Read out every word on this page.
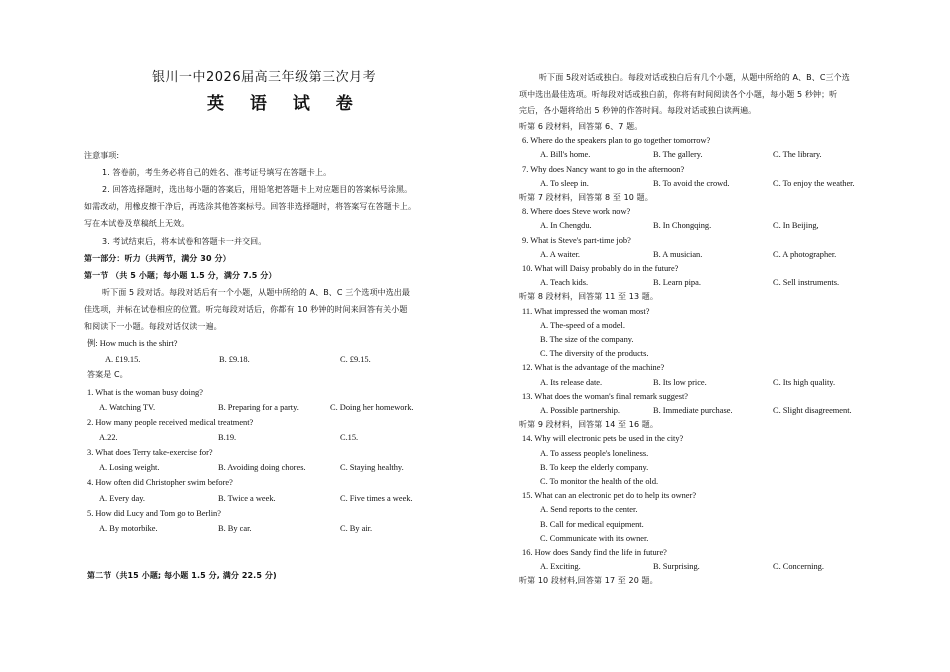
银川一中2026届高三年级第三次月考
英 语 试 卷
注意事项:
1. 答卷前，考生务必将自己的姓名、准考证号填写在答题卡上。
2. 回答选择题时，选出每小题的答案后，用铅笔把答题卡上对应题目的答案标号涂黑。
如需改动，用橡皮擦干净后，再选涂其他答案标号。回答非选择题时，将答案写在答题卡上。
写在本试卷及草稿纸上无效。
3. 考试结束后，将本试卷和答题卡一并交回。
第一部分：听力（共两节，满分 30 分）
第一节 （共 5 小题；每小题 1.5 分，满分 7.5 分）
听下面 5 段对话。每段对话后有一个小题，从题中所给的 A、B、C 三个选项中选出最
佳选项，并标在试卷相应的位置。听完每段对话后，你都有 10 秒钟的时间来回答有关小题
和阅读下一小题。每段对话仅读一遍。
例: How much is the shirt?
A. £19.15.	B. £9.18.	C. £9.15.
答案是 C。
1. What is the woman busy doing?
A. Watching TV.	B. Preparing for a party.	C. Doing her homework.
2. How many people received medical treatment?
A.22.	B.19.	C.15.
3. What does Terry take-exercise for?
A. Losing weight.	B. Avoiding doing chores.	C. Staying healthy.
4. How often did Christopher swim before?
A. Every day.	B. Twice a week.	C. Five times a week.
5. How did Lucy and Tom go to Berlin?
A. By motorbike.	B. By car.	C. By air.
第二节（共15 小题; 每小题 1.5 分, 满分 22.5 分)
听下面 5段对话或独白。每段对话或独白后有几个小题，从题中所给的 A、B、C三个选
项中选出最佳选项。听每段对话或独白前，你将有时间阅读各个小题，每小题 5 秒钟；听
完后，各小题将给出 5 秒钟的作答时间。每段对话或独白读两遍。
听第 6 段材料，回答第 6、7 题。
6. Where do the speakers plan to go together tomorrow?
A. Bill's home.	B. The gallery.	C. The library.
7. Why does Nancy want to go in the afternoon?
A. To sleep in.	B. To avoid the crowd.	C. To enjoy the weather.
听第 7 段材料，回答第 8 至 10 题。
8. Where does Steve work now?
A. In Chengdu.	B. In Chongqing.	C. In Beijing,
9. What is Steve's part-time job?
A. A waiter.	B. A musician.	C. A photographer.
10. What will Daisy probably do in the future?
A. Teach kids.	B. Learn pipa.	C. Sell instruments.
听第 8 段材料，回答第 11 至 13 题。
11. What impressed the woman most?
A. The-speed of a model.
B. The size of the company.
C. The diversity of the products.
12. What is the advantage of the machine?
A. Its release date.	B. Its low price.	C. Its high quality.
13. What does the woman's final remark suggest?
A. Possible partnership.	B. Immediate purchase.	C. Slight disagreement.
听第 9 段材料，回答第 14 至 16 题。
14. Why will electronic pets be used in the city?
A. To assess people's loneliness.
B. To keep the elderly company.
C. To monitor the health of the old.
15. What can an electronic pet do to help its owner?
A. Send reports to the center.
B. Call for medical equipment.
C. Communicate with its owner.
16. How does Sandy find the life in future?
A. Exciting.	B. Surprising.	C. Concerning.
听第 10 段材料,回答第 17 至 20 题。
